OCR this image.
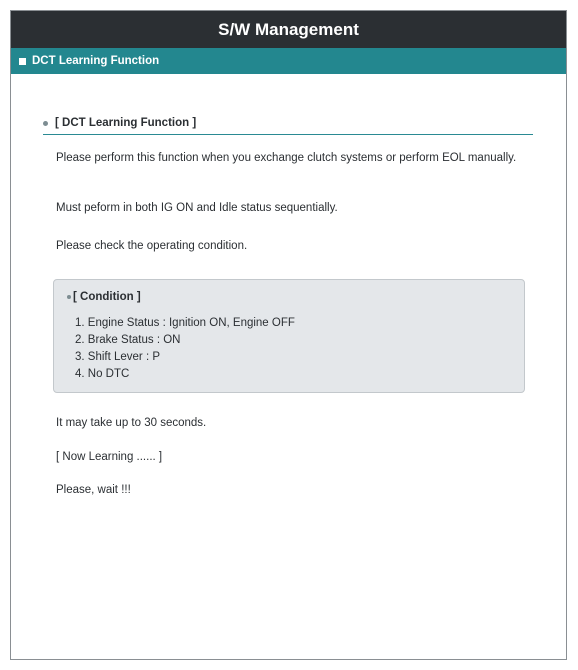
S/W Management
DCT Learning Function
[ DCT Learning Function ]
Please perform this function when you exchange clutch systems or perform EOL manually.
Must peform in both IG ON and Idle status sequentially.
Please check the operating condition.
[ Condition ]
1. Engine Status : Ignition ON, Engine OFF
2. Brake Status : ON
3. Shift Lever : P
4. No DTC
It may take up to 30 seconds.
[ Now Learning ...... ]
Please, wait !!!
